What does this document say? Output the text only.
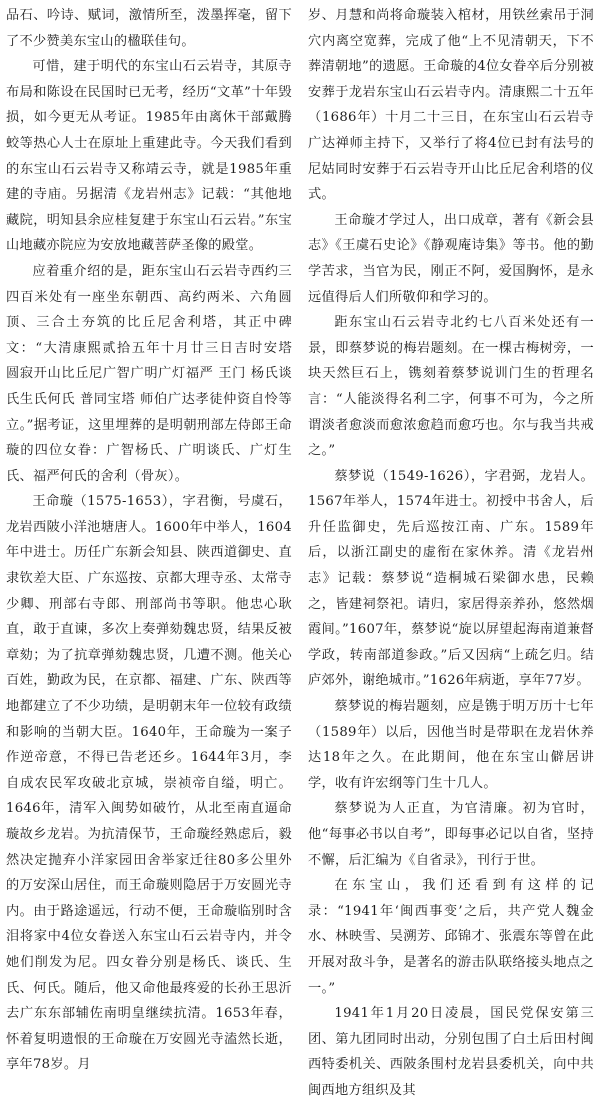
品石、吟诗、赋词，激情所至，泼墨挥毫，留下了不少赞美东宝山的楹联佳句。

可惜，建于明代的东宝山石云岩寺，其原寺布局和陈设在民国时已无考，经历“文革”十年毁损，如今更无从考证。1985年由离休干部戴腾蛟等热心人士在原址上重建此寺。今天我们看到的东宝山石云岩寺又称靖云寺，就是1985年重建的寺庙。另据清《龙岩州志》记载：“其他地藏院，明知县余应桂复建于东宝山石云岩。”东宝山地藏亦院应为安放地藏菩萨圣像的殿堂。

应着重介绍的是，距东宝山石云岩寺西约三四百米处有一座坐东朝西、高约两米、六角圆顶、三合土夯筑的比丘尼舍利塔，其正中碑文：“大清康熙贰拾五年十月廿三日吉时安塔　圆寂开山比丘尼广智广明广灯福严 王门 杨氏谈氏生氏何氏 普同宝塔 师伯广达孝徒仲资自怜等立。”据考证，这里埋葬的是明朝刑部左侍郎王命璇的四位女眷：广智杨氏、广明谈氏、广灯生氏、福严何氏的舍利（骨灰）。

王命璇（1575-1653），字君衡，号虞石，龙岩西陂小洋池塘唐人。1600年中举人，1604年中进士。历任广东新会知县、陕西道御史、直隶钦差大臣、广东巡按、京都大理寺丞、太常寺少卿、刑部右寺郎、刑部尚书等职。他忠心耿直，敢于直谏，多次上奏弹劾魏忠贤，结果反被章劾；为了抗章弹劾魏忠贤，几遭不测。他关心百姓，勤政为民，在京都、福建、广东、陕西等地都建立了不少功绩，是明朝末年一位较有政绩和影响的当朝大臣。1640年，王命璇为一案子作逆帝意，不得已告老还乡。1644年3月，李自成农民军攻破北京城，崇祯帝自缢，明亡。1646年，清军入闽势如破竹，从北至南直逼命璇故乡龙岩。为抗清保节，王命璇经熟虑后，毅然决定抛弃小洋家园田舍举家迁往80多公里外的万安深山居住，而王命璇则隐居于万安圆光寺内。由于路途遥远，行动不便，王命璇临别时含泪将家中4位女眷送入东宝山石云岩寺内，并令她们削发为尼。四女眷分别是杨氏、谈氏、生氏、何氏。随后，他又命他最疼爱的长孙王思沂去广东东部辅佐南明皇继续抗清。1653年春，怀着复明遗恨的王命璇在万安圆光寺溘然长逝，享年78岁。月

岁、月慧和尚将命璇装入棺材，用铁丝索吊于洞穴内离空宽葬，完成了他“上不见清朝天，下不葬清朝地”的遗愿。王命璇的4位女眷卒后分别被安葬于龙岩东宝山石云岩寺内。清康熙二十五年（1686年）十月二十三日，在东宝山石云岩寺广达禅师主持下，又举行了将4位已封有法号的尼姑同时安葬于石云岩寺开山比丘尼舍利塔的仪式。

王命璇才学过人，出口成章，著有《新会县志》《王虞石史论》《静观庵诗集》等书。他的勤学苦求，当官为民，刚正不阿，爱国胸怀，是永远值得后人们所敬仰和学习的。

距东宝山石云岩寺北约七八百米处还有一景，即蔡梦说的梅岩题刻。在一棵古梅树旁，一块天然巨石上，镌刻着蔡梦说训门生的哲理名言：“人能淡得名利二字，何事不可为，今之所谓淡者愈淡而愈浓愈趋而愈巧也。尔与我当共戒之。”

蔡梦说（1549-1626），字君弼，龙岩人。1567年举人，1574年进士。初授中书舍人，后升任监御史，先后巡按江南、广东。1589年后，以浙江副史的虚衔在家休养。清《龙岩州志》记载：蔡梦说“造桐城石梁御水患，民赖之，皆建祠祭祀。请归，家居得亲养孙，悠然烟霞间。”1607年，蔡梦说“旋以屏望起海南道兼督学政，转南部道参政。”后又因病“上疏乞归。结庐郊外，谢绝城市。”1626年病逝，享年77岁。

蔡梦说的梅岩题刻，应是镌于明万历十七年（1589年）以后，因他当时是带职在龙岩休养达18年之久。在此期间，他在东宝山僻居讲学，收有许宏纲等门生十几人。

蔡梦说为人正直，为官清廉。初为官时，他“每事必书以自考”，即每事必记以自省，坚持不懈，后汇编为《自省录》，刊行于世。

在东宝山，我们还看到有这样的记录：“1941年‘闽西事变’之后，共产党人魏金水、林映雪、吴溯芳、邱锦才、张震东等曾在此开展对敌斗争，是著名的游击队联络接头地点之一。”

1941年1月20日凌晨，国民党保安第三团、第九团同时出动，分别包围了白土后田村闽西特委机关、西陂条围村龙岩县委机关，向中共闽西地方组织及其
